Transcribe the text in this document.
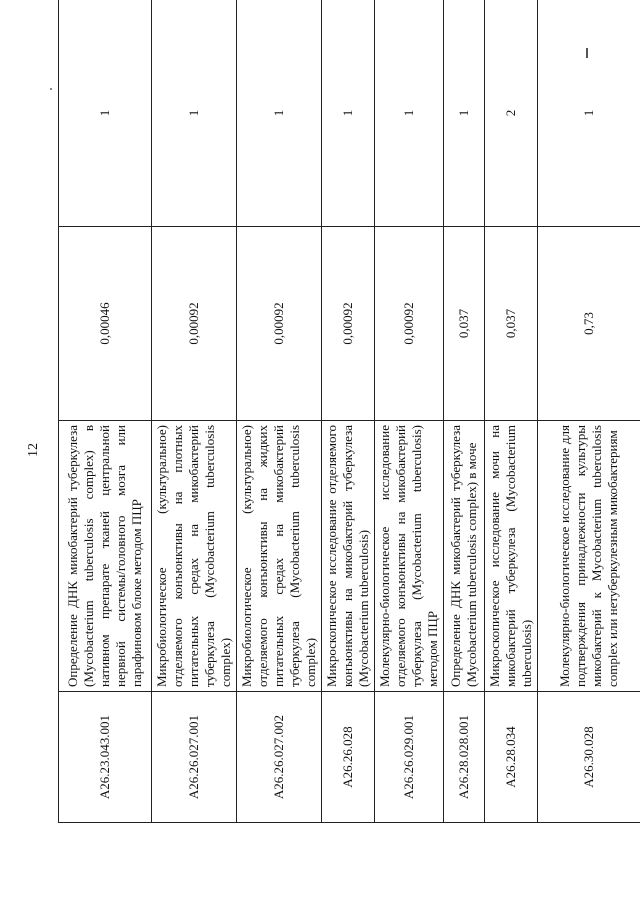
12
A26.23.043.001	Определение ДНК микобактерий туберкулеза (Mycobacterium tuberculosis complex) в нативном препарате тканей центральной нервной системы/головного мозга или парафиновом блоке методом ПЦР	0,00046	1
A26.26.027.001	Микробиологическое (культуральное) отделяемого конъюнктивы на плотных питательных средах на микобактерий туберкулеза (Mycobacterium tuberculosis complex)	0,00092	1
A26.26.027.002	Микробиологическое (культуральное) отделяемого конъюнктивы на жидких питательных средах на микобактерий туберкулеза (Mycobacterium tuberculosis complex)	0,00092	1
A26.26.028	Микроскопическое исследование отделяемого конъюнктивы на микобактерий туберкулеза (Mycobacterium tuberculosis)	0,00092	1
A26.26.029.001	Молекулярно-биологическое исследование отделяемого конъюнктивы на микобактерий туберкулеза (Mycobacterium tuberculosis) методом ПЦР	0,00092	1
A26.28.028.001	Определение ДНК микобактерий туберкулеза (Mycobacterium tuberculosis complex) в моче	0,037	1
A26.28.034	Микроскопическое исследование мочи на микобактерий туберкулеза (Mycobacterium tuberculosis)	0,037	2
A26.30.028	Молекулярно-биологическое исследование для подтверждения принадлежности культуры микобактерий к Mycobacterium tuberculosis complex или нетуберкулезным микобактериям	0,73	1
